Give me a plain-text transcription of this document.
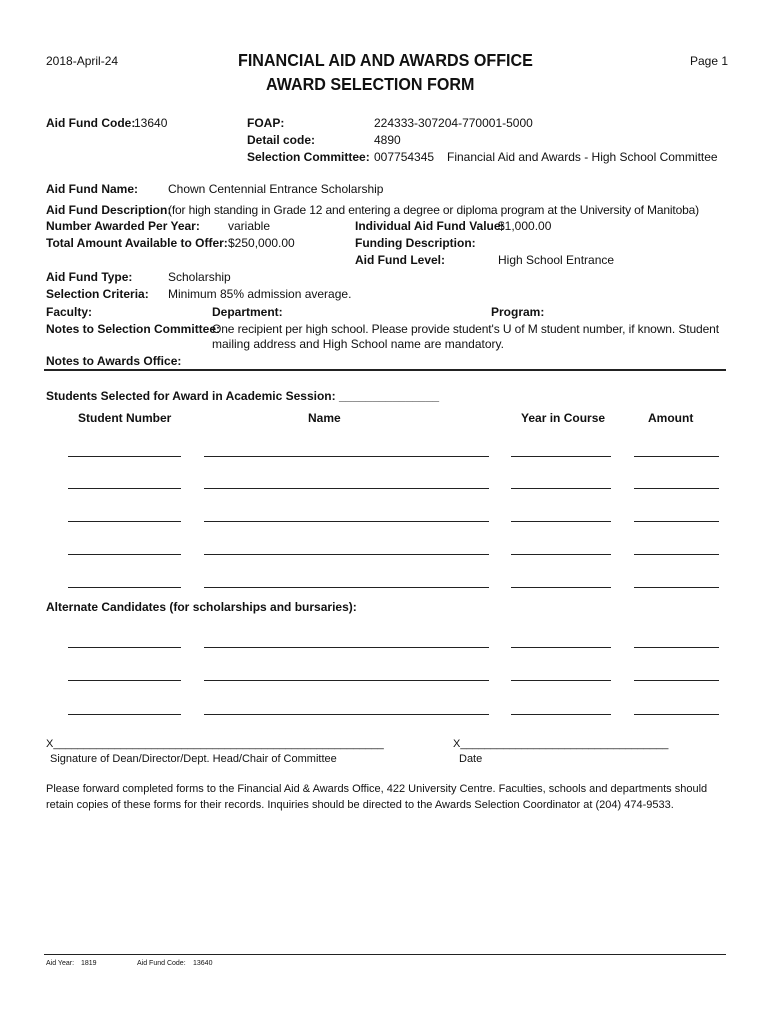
2018-April-24	FINANCIAL AID AND AWARDS OFFICE
AWARD SELECTION FORM
Page 1
Aid Fund Code:
13640	FOAP:	224333-307204-770001-5000
Detail code:	4890
Selection Committee: 007754345 Financial Aid and Awards - High School Committee
Aid Fund Name:	Chown Centennial Entrance Scholarship
Aid Fund Description:
(for high standing in Grade 12 and entering a degree or diploma program at the University of Manitoba)
Number Awarded Per Year: variable	Individual Aid Fund Value:
$1,000.00
Total Amount Available to Offer: $250,000.00	Funding Description:
Aid Fund Level:	High School Entrance
Aid Fund Type:	Scholarship
Selection Criteria: Minimum 85% admission average.
Faculty:	Department:	Program:
Notes to Selection Committee:
One recipient per high school. Please provide student's U of M student number, if known. Student
mailing address and High School name are mandatory.
Notes to Awards Office:
Students Selected for Award in Academic Session: _______________
Student Number	Name	Year in Course	Amount
Alternate Candidates (for scholarships and bursaries):
X______________________________________________________
Signature of Dean/Director/Dept. Head/Chair of Committee
X__________________________________
Date
Please forward completed forms to the Financial Aid & Awards Office, 422 University Centre. Faculties, schools and departments should retain copies of these forms for their records. Inquiries should be directed to the Awards Selection Coordinator at (204) 474-9533.
Aid Year: 1819	Aid Fund Code: 13640
